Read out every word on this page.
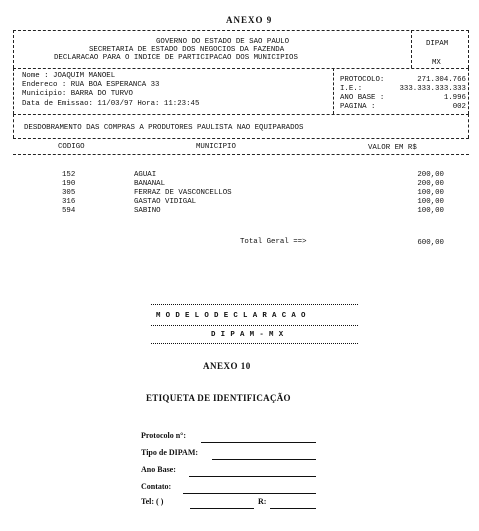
ANEXO 9
GOVERNO DO ESTADO DE SAO PAULO
SECRETARIA DE ESTADO DOS NEGOCIOS DA FAZENDA
DECLARACAO PARA O INDICE DE PARTICIPACAO DOS MUNICIPIOS
DIPAM
MX
Nome : JOAQUIM MANOEL
Endereco : RUA BOA ESPERANCA 33
Municipio: BARRA DO TURVO
Data de Emissao: 11/03/97 Hora: 11:23:45
PROTOCOLO:	271.304.766
I.E.:	333.333.333.333
ANO BASE :	1.996
PAGINA :	002
DESDOBRAMENTO DAS COMPRAS A PRODUTORES PAULISTA NAO EQUIPARADOS
CODIGO	MUNICIPIO	VALOR EM R$
152	AGUAI	200,00
190	BANANAL	200,00
305	FERRAZ DE VASCONCELLOS	100,00
316	GASTAO VIDIGAL	100,00
594	SABINO	100,00
Total Geral ==>	600,00
M O D E L O D E C L A R A C A O
D I P A M - M X
ANEXO 10
ETIQUETA DE IDENTIFICAÇÃO
Protocolo n°:
Tipo de DIPAM:
Ano Base:
Contato:
Tel: ( )	R:
